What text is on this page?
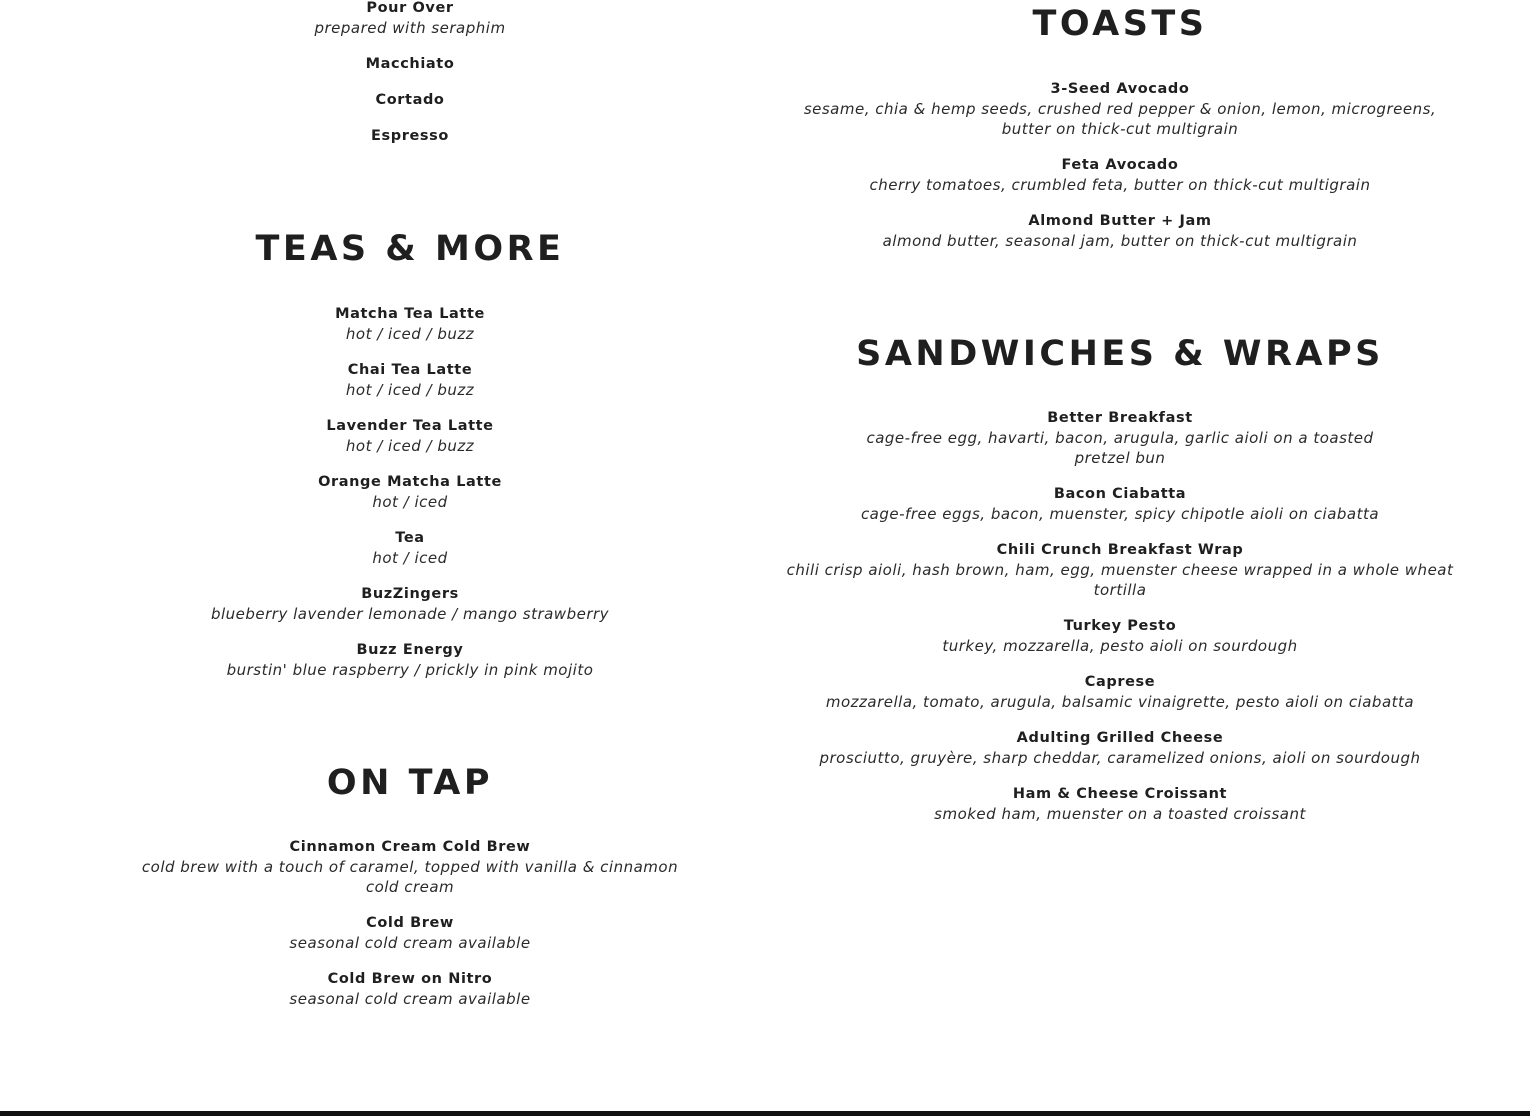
Pour Over
prepared with seraphim
Macchiato
Cortado
Espresso
TEAS & MORE
Matcha Tea Latte
hot / iced / buzz
Chai Tea Latte
hot / iced / buzz
Lavender Tea Latte
hot / iced / buzz
Orange Matcha Latte
hot / iced
Tea
hot / iced
BuzZingers
blueberry lavender lemonade / mango strawberry
Buzz Energy
burstin' blue raspberry / prickly in pink mojito
ON TAP
Cinnamon Cream Cold Brew
cold brew with a touch of caramel, topped with vanilla & cinnamon cold cream
Cold Brew
seasonal cold cream available
Cold Brew on Nitro
seasonal cold cream available
TOASTS
3-Seed Avocado
sesame, chia & hemp seeds, crushed red pepper & onion, lemon, microgreens, butter on thick-cut multigrain
Feta Avocado
cherry tomatoes, crumbled feta, butter on thick-cut multigrain
Almond Butter + Jam
almond butter, seasonal jam, butter on thick-cut multigrain
SANDWICHES & WRAPS
Better Breakfast
cage-free egg, havarti, bacon, arugula, garlic aioli on a toasted pretzel bun
Bacon Ciabatta
cage-free eggs, bacon, muenster, spicy chipotle aioli on ciabatta
Chili Crunch Breakfast Wrap
chili crisp aioli, hash brown, ham, egg, muenster cheese wrapped in a whole wheat tortilla
Turkey Pesto
turkey, mozzarella, pesto aioli on sourdough
Caprese
mozzarella, tomato, arugula, balsamic vinaigrette, pesto aioli on ciabatta
Adulting Grilled Cheese
prosciutto, gruyère, sharp cheddar, caramelized onions, aioli on sourdough
Ham & Cheese Croissant
smoked ham, muenster on a toasted croissant
